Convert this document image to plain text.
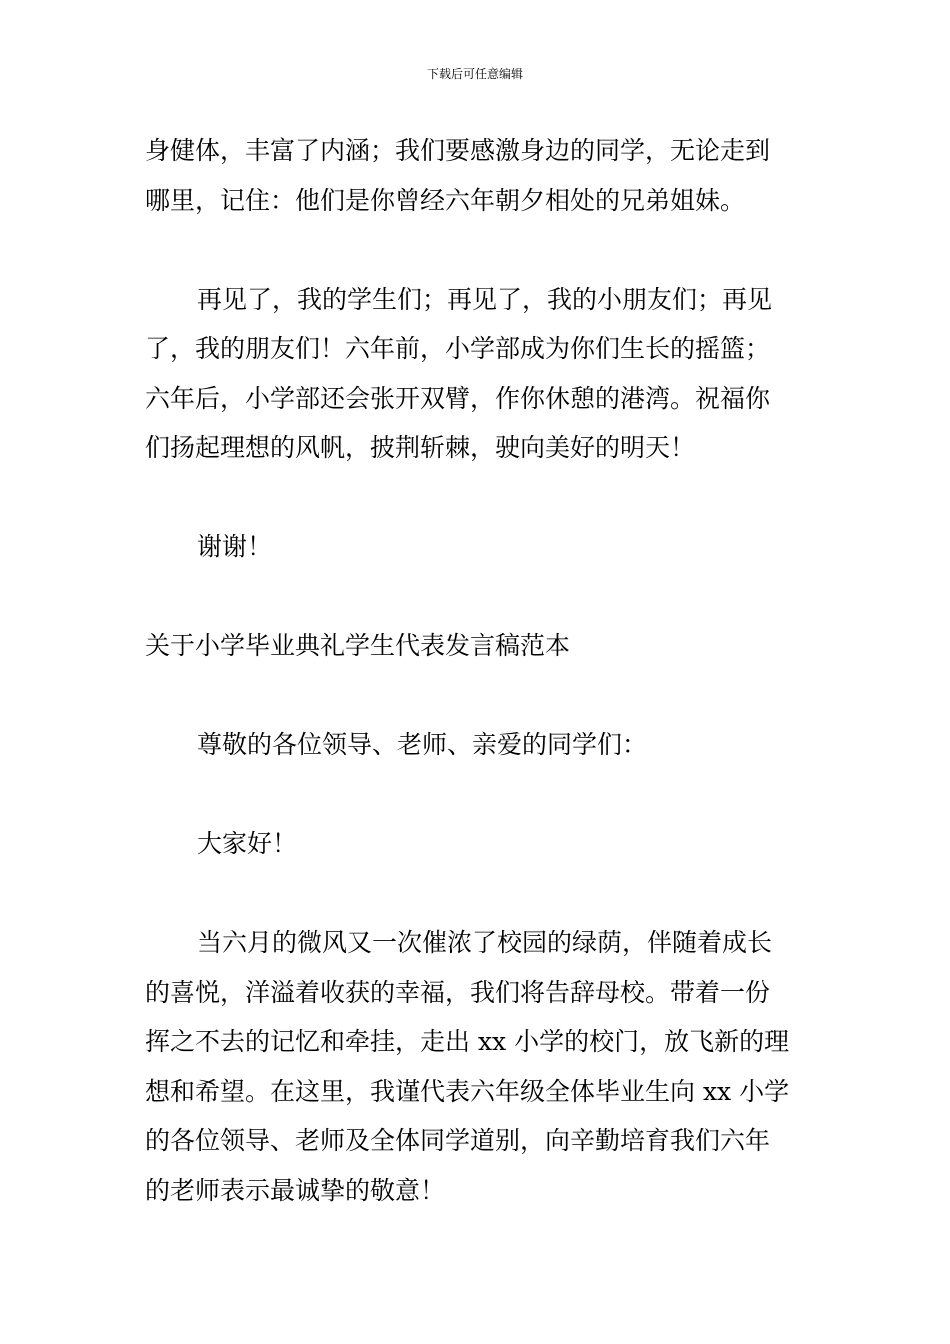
下载后可任意编辑

身健体，丰富了内涵；我们要感激身边的同学，无论走到
哪里，记住：他们是你曾经六年朝夕相处的兄弟姐妹。

再见了，我的学生们；再见了，我的小朋友们；再见
了，我的朋友们！六年前，小学部成为你们生长的摇篮；
六年后，小学部还会张开双臂，作你休憩的港湾。祝福你
们扬起理想的风帆，披荆斩棘，驶向美好的明天！

谢谢！

关于小学毕业典礼学生代表发言稿范本

尊敬的各位领导、老师、亲爱的同学们：

大家好！

当六月的微风又一次催浓了校园的绿荫，伴随着成长
的喜悦，洋溢着收获的幸福，我们将告辞母校。带着一份
挥之不去的记忆和牵挂，走出 xx 小学的校门，放飞新的理
想和希望。在这里，我谨代表六年级全体毕业生向 xx 小学
的各位领导、老师及全体同学道别，向辛勤培育我们六年
的老师表示最诚挚的敬意！
